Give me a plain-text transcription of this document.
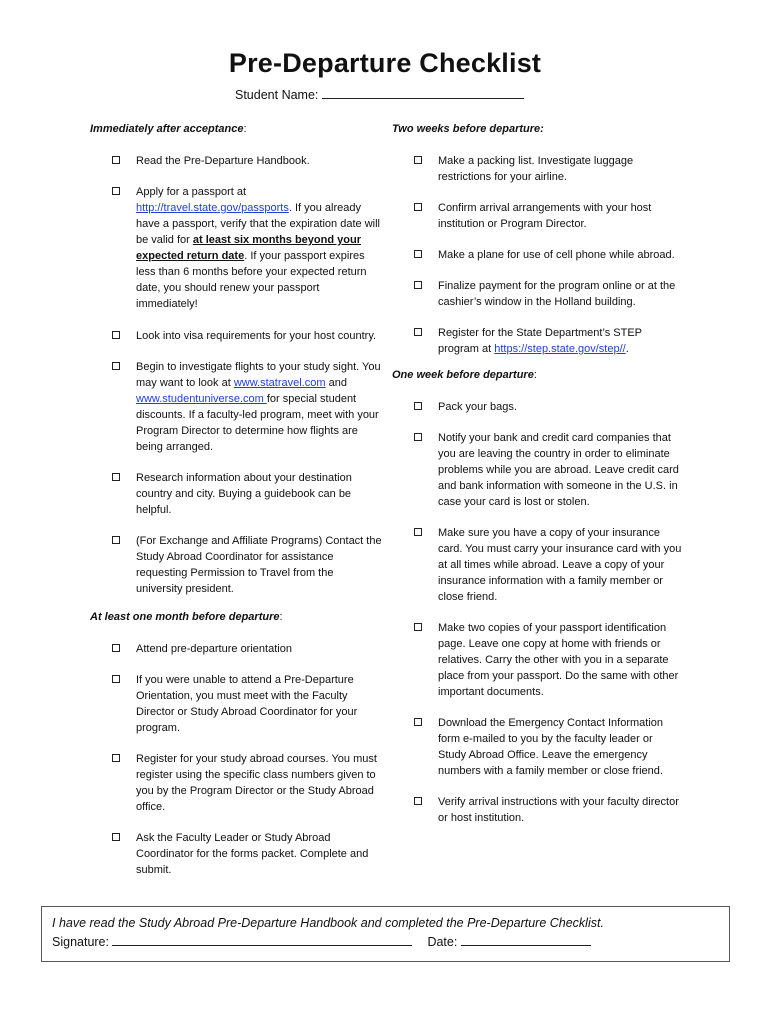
Pre-Departure Checklist
Student Name:
Immediately after acceptance:
Read the Pre-Departure Handbook.
Apply for a passport at
http://travel.state.gov/passports. If you already have a passport, verify that the expiration date will be valid for at least six months beyond your expected return date. If your passport expires less than 6 months before your expected return date, you should renew your passport immediately!
Look into visa requirements for your host country.
Begin to investigate flights to your study sight. You may want to look at www.statravel.com and www.studentuniverse.com for special student discounts. If a faculty-led program, meet with your Program Director to determine how flights are being arranged.
Research information about your destination country and city. Buying a guidebook can be helpful.
(For Exchange and Affiliate Programs) Contact the Study Abroad Coordinator for assistance requesting Permission to Travel from the university president.
At least one month before departure:
Attend pre-departure orientation
If you were unable to attend a Pre-Departure Orientation, you must meet with the Faculty Director or Study Abroad Coordinator for your program.
Register for your study abroad courses. You must register using the specific class numbers given to you by the Program Director or the Study Abroad office.
Ask the Faculty Leader or Study Abroad Coordinator for the forms packet. Complete and submit.
Two weeks before departure:
Make a packing list. Investigate luggage restrictions for your airline.
Confirm arrival arrangements with your host institution or Program Director.
Make a plane for use of cell phone while abroad.
Finalize payment for the program online or at the cashier’s window in the Holland building.
Register for the State Department’s STEP program at https://step.state.gov/step//.
One week before departure:
Pack your bags.
Notify your bank and credit card companies that you are leaving the country in order to eliminate problems while you are abroad. Leave credit card and bank information with someone in the U.S. in case your card is lost or stolen.
Make sure you have a copy of your insurance card. You must carry your insurance card with you at all times while abroad. Leave a copy of your insurance information with a family member or close friend.
Make two copies of your passport identification page. Leave one copy at home with friends or relatives. Carry the other with you in a separate place from your passport. Do the same with other important documents.
Download the Emergency Contact Information form e-mailed to you by the faculty leader or Study Abroad Office. Leave the emergency numbers with a family member or close friend.
Verify arrival instructions with your faculty director or host institution.
I have read the Study Abroad Pre-Departure Handbook and completed the Pre-Departure Checklist.
Signature:	Date:
